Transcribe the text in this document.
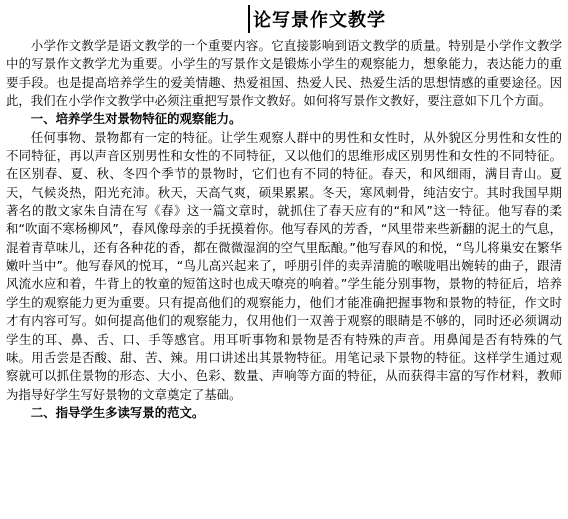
论写景作文教学

小学作文教学是语文教学的一个重要内容。它直接影响到语文教学的质量。特别是小学作文教学中的写景作文教学尤为重要。小学生的写景作文是锻炼小学生的观察能力，想象能力，表达能力的重要手段。也是提高培养学生的爱美情趣、热爱祖国、热爱人民、热爱生活的思想情感的重要途径。因此，我们在小学作文教学中必须注重把写景作文教好。如何将写景作文教好，要注意如下几个方面。

一、培养学生对景物特征的观察能力。

任何事物、景物都有一定的特征。让学生观察人群中的男性和女性时，从外貌区分男性和女性的不同特征，再以声音区别男性和女性的不同特征，又以他们的思维形成区别男性和女性的不同特征。在区别春、夏、秋、冬四个季节的景物时，它们也有不同的特征。春天，和风细雨，满目青山。夏天，气候炎热，阳光充沛。秋天，天高气爽，硕果累累。冬天，寒风刺骨，纯洁安宁。其时我国早期著名的散文家朱自清在写《春》这一篇文章时，就抓住了春天应有的“和风”这一特征。他写春的柔和“吹面不寒杨柳风”，春风像母亲的手抚摸着你。他写春风的芳香，“风里带来些新翻的泥土的气息，混着青草味儿，还有各种花的香，都在微微湿润的空气里酝酿。”他写春风的和悦，“鸟儿将巢安在繁华嫩叶当中”。他写春风的悦耳，“鸟儿高兴起来了，呼朋引伴的卖弄清脆的喉咙唱出婉转的曲子，跟清风流水应和着，牛背上的牧童的短笛这时也成天嘹亮的响着。”学生能分别事物，景物的特征后，培养学生的观察能力更为重要。只有提高他们的观察能力，他们才能准确把握事物和景物的特征，作文时才有内容可写。如何提高他们的观察能力，仅用他们一双善于观察的眼睛是不够的，同时还必须调动学生的耳、鼻、舌、口、手等感官。用耳听事物和景物是否有特殊的声音。用鼻闻是否有特殊的气味。用舌尝是否酸、甜、苦、辣。用口讲述出其景物特征。用笔记录下景物的特征。这样学生通过观察就可以抓住景物的形态、大小、色彩、数量、声响等方面的特征，从而获得丰富的写作材料，教师为指导好学生写好景物的文章奠定了基础。

二、指导学生多读写景的范文。
